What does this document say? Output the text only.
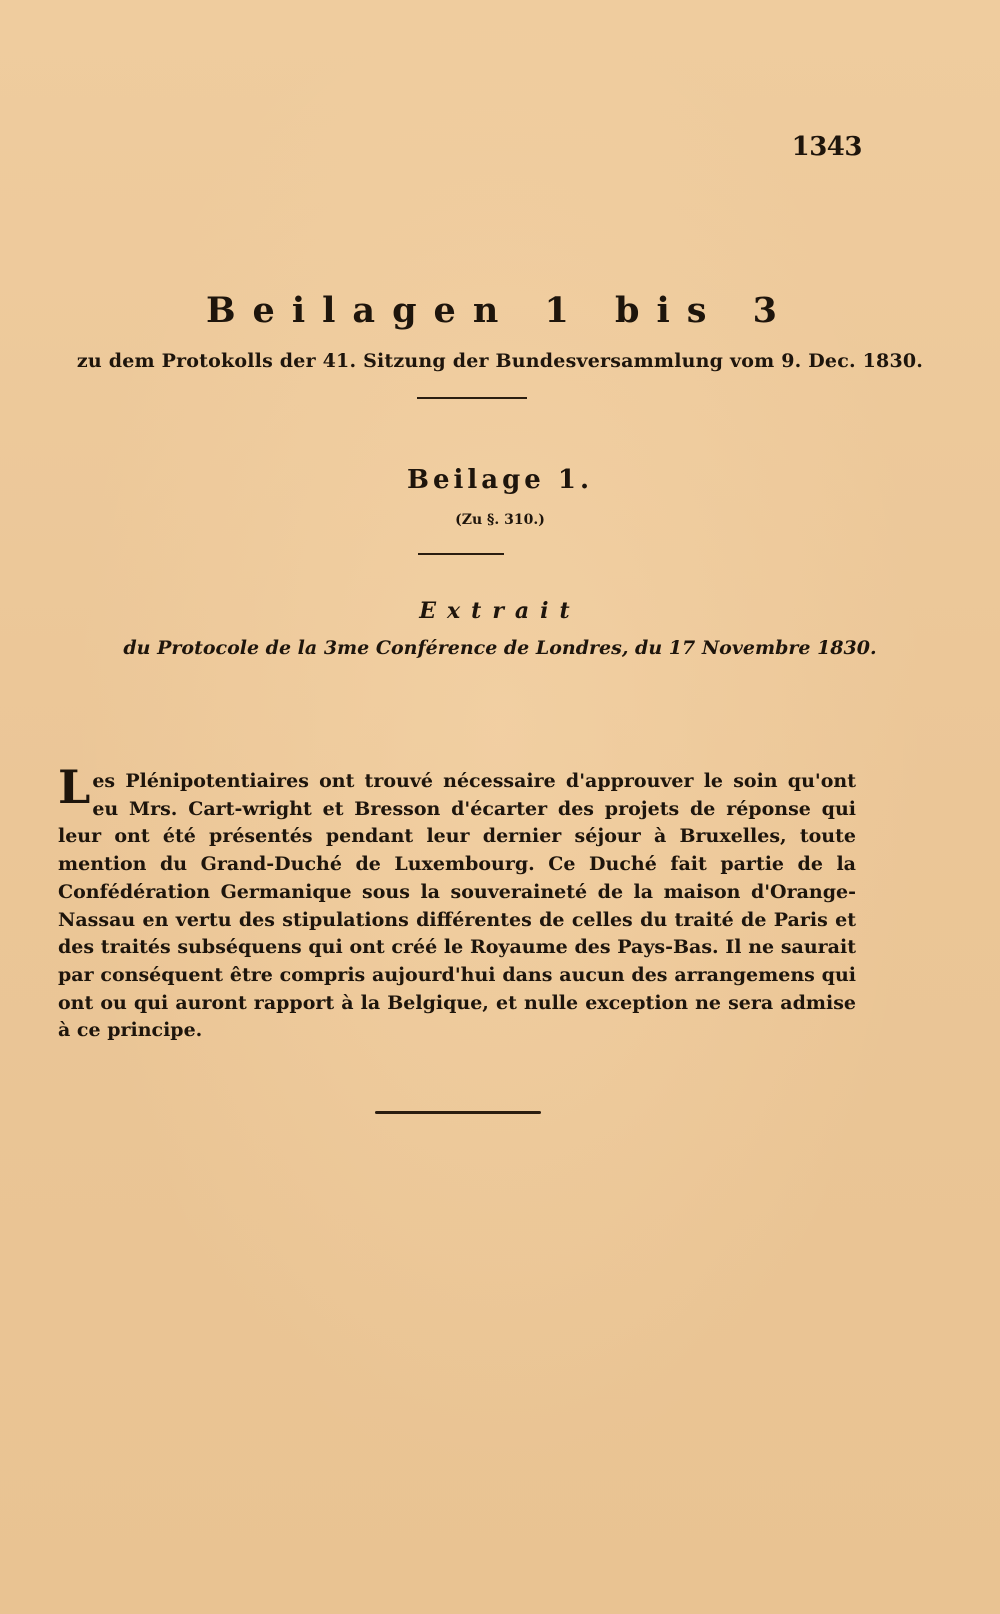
1343
Beilagen 1 bis 3
zu dem Protokolls der 41. Sitzung der Bundesversammlung vom 9. Dec. 1830.
Beilage 1.
(Zu §. 310.)
Extrait
du Protocole de la 3me Conférence de Londres, du 17 Novembre 1830.
Les Plénipotentiaires ont trouvé nécessaire d'approuver le soin qu'ont eu Mrs. Cart-wright et Bresson d'écarter des projets de réponse qui leur ont été présentés pendant leur dernier séjour à Bruxelles, toute mention du Grand-Duché de Luxembourg. Ce Duché fait partie de la Confédération Germanique sous la souveraineté de la maison d'Orange-Nassau en vertu des stipulations différentes de celles du traité de Paris et des traités subséquens qui ont créé le Royaume des Pays-Bas. Il ne saurait par conséquent être compris aujourd'hui dans aucun des arrangemens qui ont ou qui auront rapport à la Belgique, et nulle exception ne sera admise à ce principe.
